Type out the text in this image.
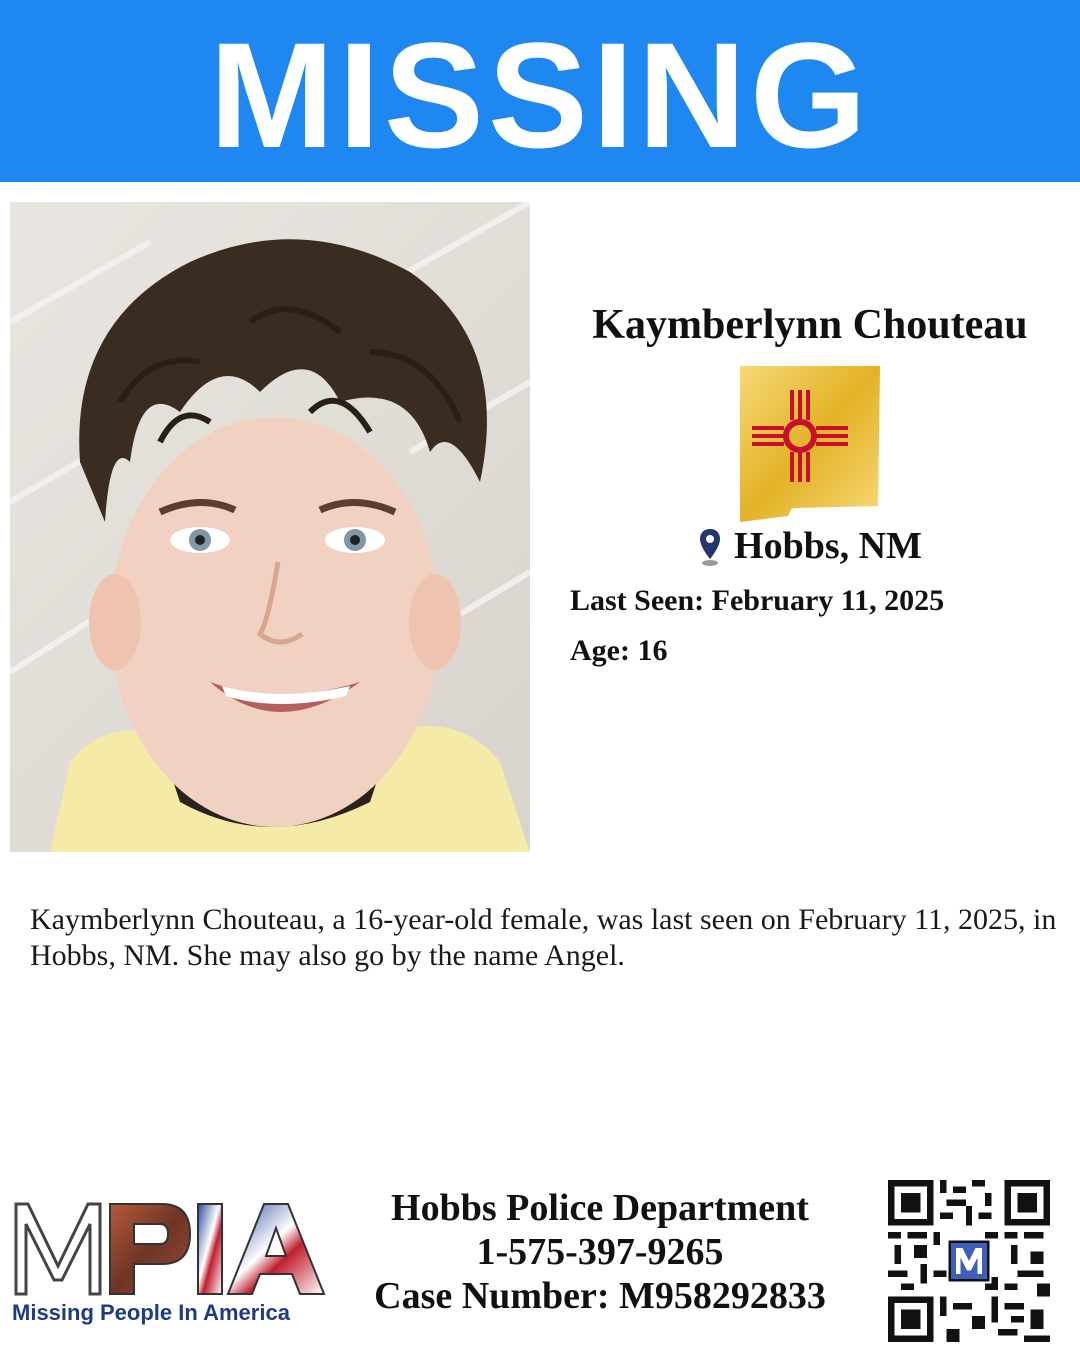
MISSING
Kaymberlynn Chouteau
Hobbs, NM
Last Seen: February 11, 2025
Age: 16

Kaymberlynn Chouteau, a 16-year-old female, was last seen on February 11, 2025, in Hobbs, NM. She may also go by the name Angel.

Missing People In America
Hobbs Police Department
1-575-397-9265
Case Number: M958292833
